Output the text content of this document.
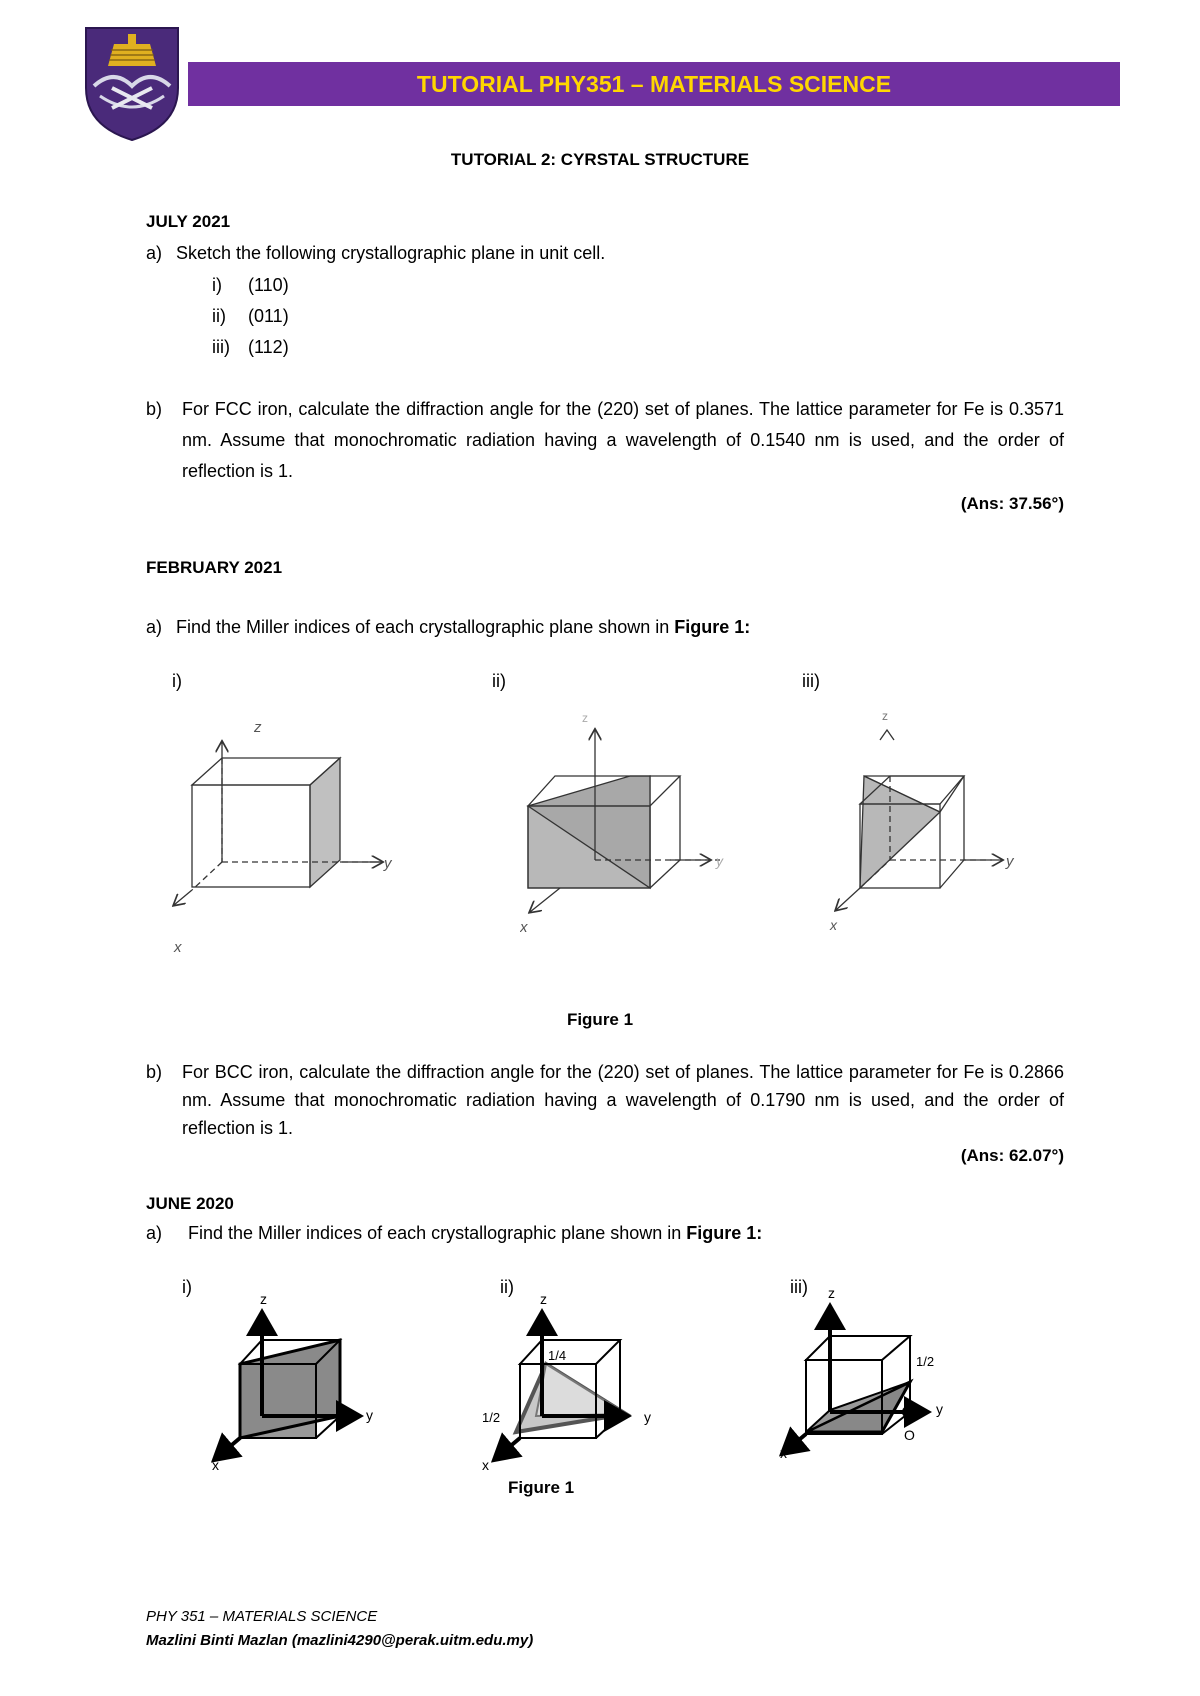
TUTORIAL PHY351 – MATERIALS SCIENCE
TUTORIAL 2: CYRSTAL STRUCTURE
JULY 2021
a) Sketch the following crystallographic plane in unit cell.
i) (110)
ii) (011)
iii) (112)
b) For FCC iron, calculate the diffraction angle for the (220) set of planes. The lattice parameter for Fe is 0.3571 nm. Assume that monochromatic radiation having a wavelength of 0.1540 nm is used, and the order of reflection is 1.
(Ans: 37.56°)
FEBRUARY 2021
a) Find the Miller indices of each crystallographic plane shown in Figure 1:
i)	ii)	iii)
z
y
x
z
y
x
z
y
x
Figure 1
b) For BCC iron, calculate the diffraction angle for the (220) set of planes. The lattice parameter for Fe is 0.2866 nm. Assume that monochromatic radiation having a wavelength of 0.1790 nm is used, and the order of reflection is 1.
(Ans: 62.07°)
JUNE 2020
a) Find the Miller indices of each crystallographic plane shown in Figure 1:
i)	ii)	iii)
z
y
x
z
1/4
1/2	y
x
z
1/2
y
O
x
Figure 1
PHY 351 – MATERIALS SCIENCE
Mazlini Binti Mazlan (mazlini4290@perak.uitm.edu.my)
